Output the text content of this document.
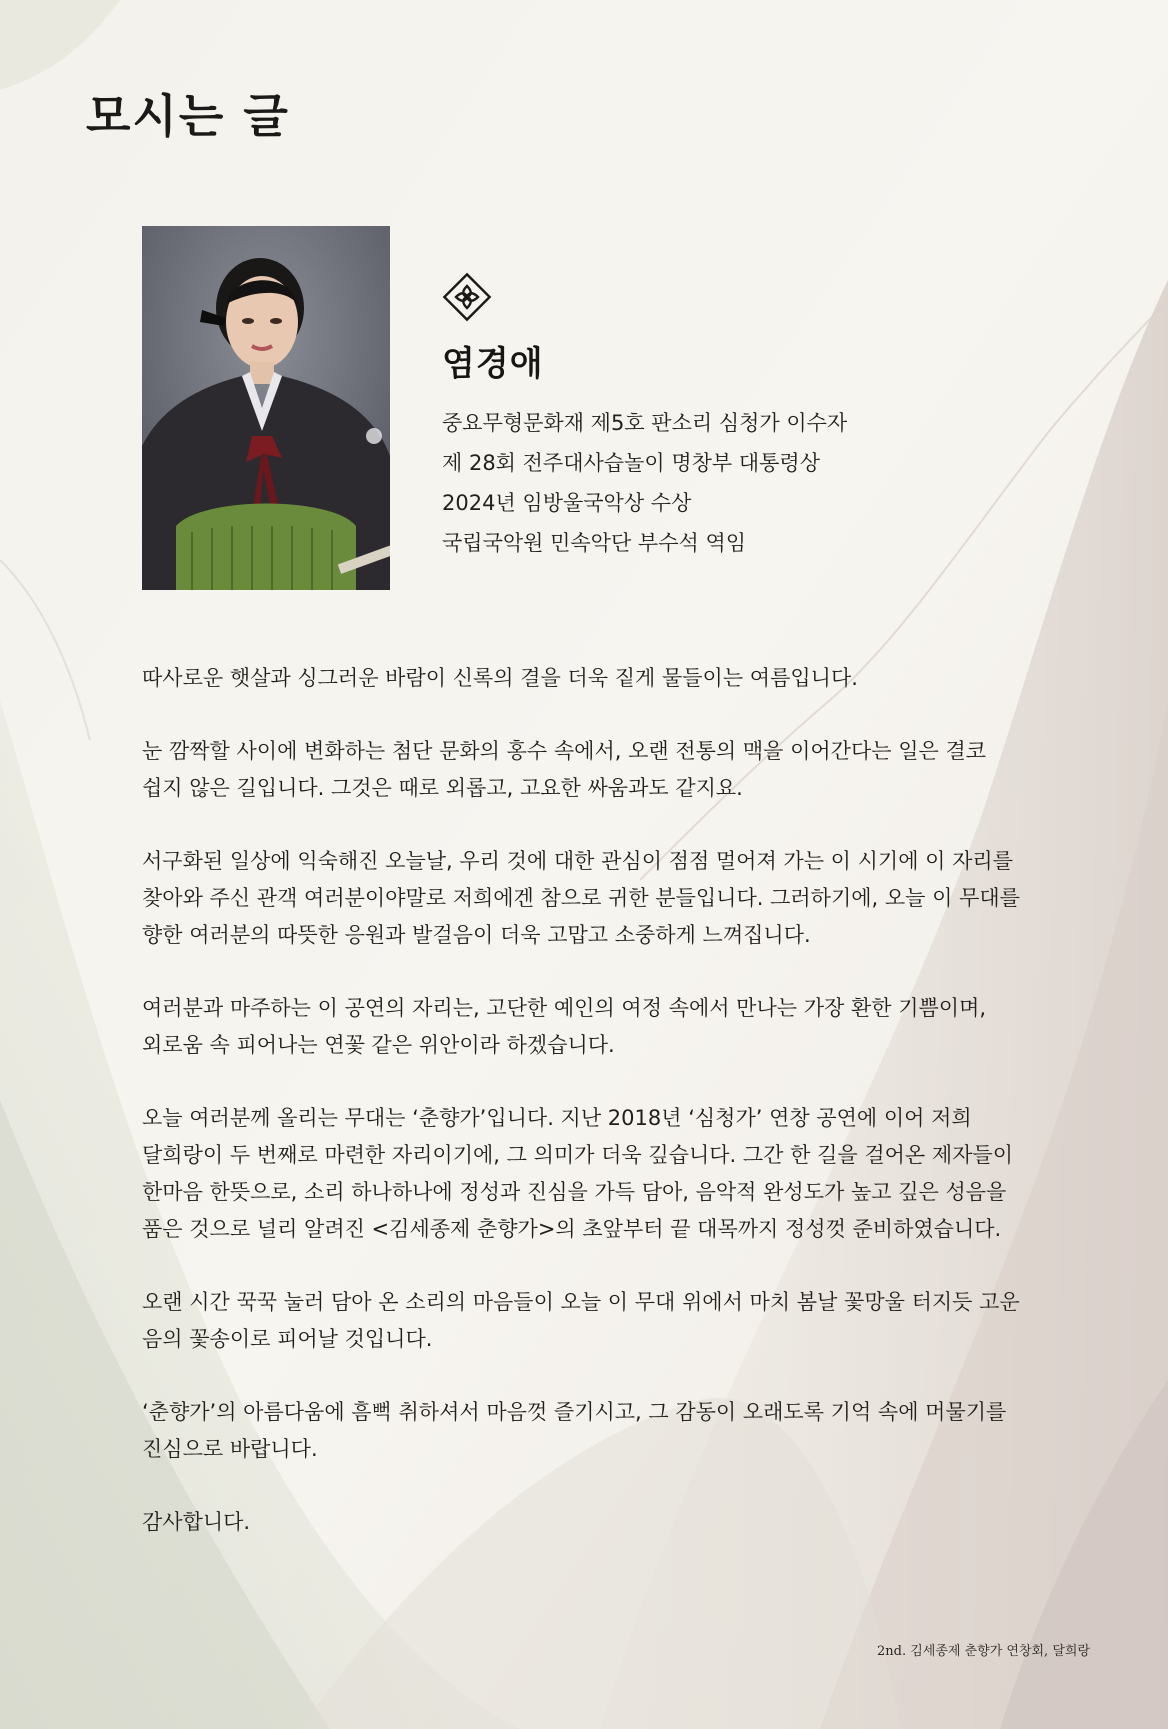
모시는 글
염경애
중요무형문화재 제5호 판소리 심청가 이수자
제 28회 전주대사습놀이 명창부 대통령상
2024년 임방울국악상 수상
국립국악원 민속악단 부수석 역임

따사로운 햇살과 싱그러운 바람이 신록의 결을 더욱 짙게 물들이는 여름입니다.

눈 깜짝할 사이에 변화하는 첨단 문화의 홍수 속에서, 오랜 전통의 맥을 이어간다는 일은 결코 쉽지 않은 길입니다. 그것은 때로 외롭고, 고요한 싸움과도 같지요.

서구화된 일상에 익숙해진 오늘날, 우리 것에 대한 관심이 점점 멀어져 가는 이 시기에 이 자리를 찾아와 주신 관객 여러분이야말로 저희에겐 참으로 귀한 분들입니다. 그러하기에, 오늘 이 무대를 향한 여러분의 따뜻한 응원과 발걸음이 더욱 고맙고 소중하게 느껴집니다.

여러분과 마주하는 이 공연의 자리는, 고단한 예인의 여정 속에서 만나는 가장 환한 기쁨이며, 외로움 속 피어나는 연꽃 같은 위안이라 하겠습니다.

오늘 여러분께 올리는 무대는 ‘춘향가’입니다. 지난 2018년 ‘심청가’ 연창 공연에 이어 저희 달희랑이 두 번째로 마련한 자리이기에, 그 의미가 더욱 깊습니다. 그간 한 길을 걸어온 제자들이 한마음 한뜻으로, 소리 하나하나에 정성과 진심을 가득 담아, 음악적 완성도가 높고 깊은 성음을 품은 것으로 널리 알려진 <김세종제 춘향가>의 초앞부터 끝 대목까지 정성껏 준비하였습니다.

오랜 시간 꾹꾹 눌러 담아 온 소리의 마음들이 오늘 이 무대 위에서 마치 봄날 꽃망울 터지듯 고운 음의 꽃송이로 피어날 것입니다.

‘춘향가’의 아름다움에 흠뻑 취하셔서 마음껏 즐기시고, 그 감동이 오래도록 기억 속에 머물기를 진심으로 바랍니다.

감사합니다.

2nd. 김세종제 춘향가 연창회, 달희랑
